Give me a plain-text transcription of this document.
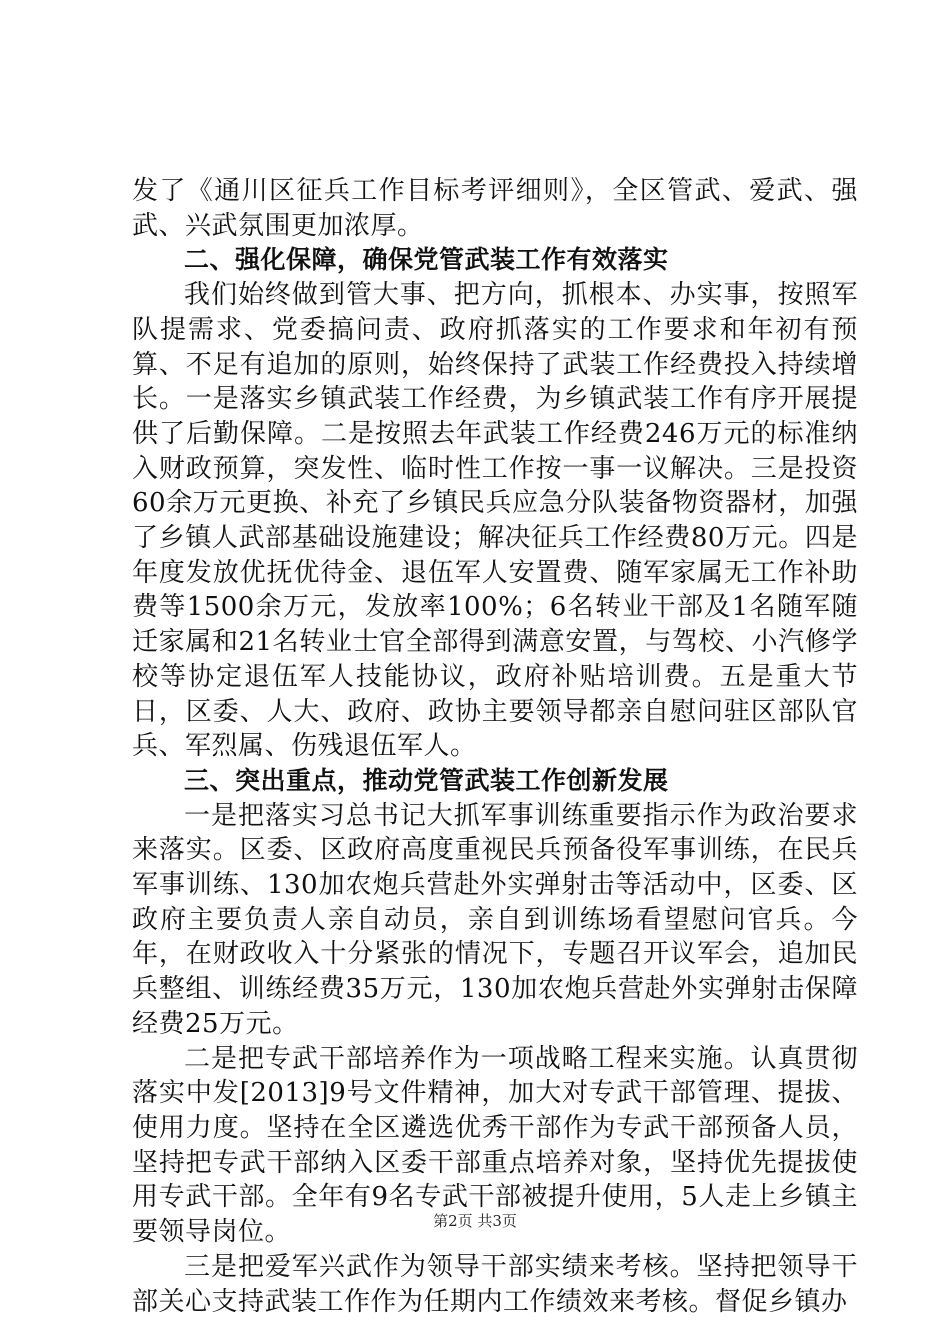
发了《通川区征兵工作目标考评细则》，全区管武、爱武、强武、兴武氛围更加浓厚。

二、强化保障，确保党管武装工作有效落实

我们始终做到管大事、把方向，抓根本、办实事，按照军队提需求、党委搞问责、政府抓落实的工作要求和年初有预算、不足有追加的原则，始终保持了武装工作经费投入持续增长。一是落实乡镇武装工作经费，为乡镇武装工作有序开展提供了后勤保障。二是按照去年武装工作经费246万元的标准纳入财政预算，突发性、临时性工作按一事一议解决。三是投资60余万元更换、补充了乡镇民兵应急分队装备物资器材，加强了乡镇人武部基础设施建设；解决征兵工作经费80万元。四是年度发放优抚优待金、退伍军人安置费、随军家属无工作补助费等1500余万元，发放率100%；6名转业干部及1名随军随迁家属和21名转业士官全部得到满意安置，与驾校、小汽修学校等协定退伍军人技能协议，政府补贴培训费。五是重大节日，区委、人大、政府、政协主要领导都亲自慰问驻区部队官兵、军烈属、伤残退伍军人。

三、突出重点，推动党管武装工作创新发展

一是把落实习总书记大抓军事训练重要指示作为政治要求来落实。区委、区政府高度重视民兵预备役军事训练，在民兵军事训练、130加农炮兵营赴外实弹射击等活动中，区委、区政府主要负责人亲自动员，亲自到训练场看望慰问官兵。今年，在财政收入十分紧张的情况下，专题召开议军会，追加民兵整组、训练经费35万元，130加农炮兵营赴外实弹射击保障经费25万元。

二是把专武干部培养作为一项战略工程来实施。认真贯彻落实中发[2013]9号文件精神，加大对专武干部管理、提拔、使用力度。坚持在全区遴选优秀干部作为专武干部预备人员，坚持把专武干部纳入区委干部重点培养对象，坚持优先提拔使用专武干部。全年有9名专武干部被提升使用，5人走上乡镇主要领导岗位。

三是把爱军兴武作为领导干部实绩来考核。坚持把领导干部关心支持武装工作作为任期内工作绩效来考核。督促乡镇办

第2页 共3页
